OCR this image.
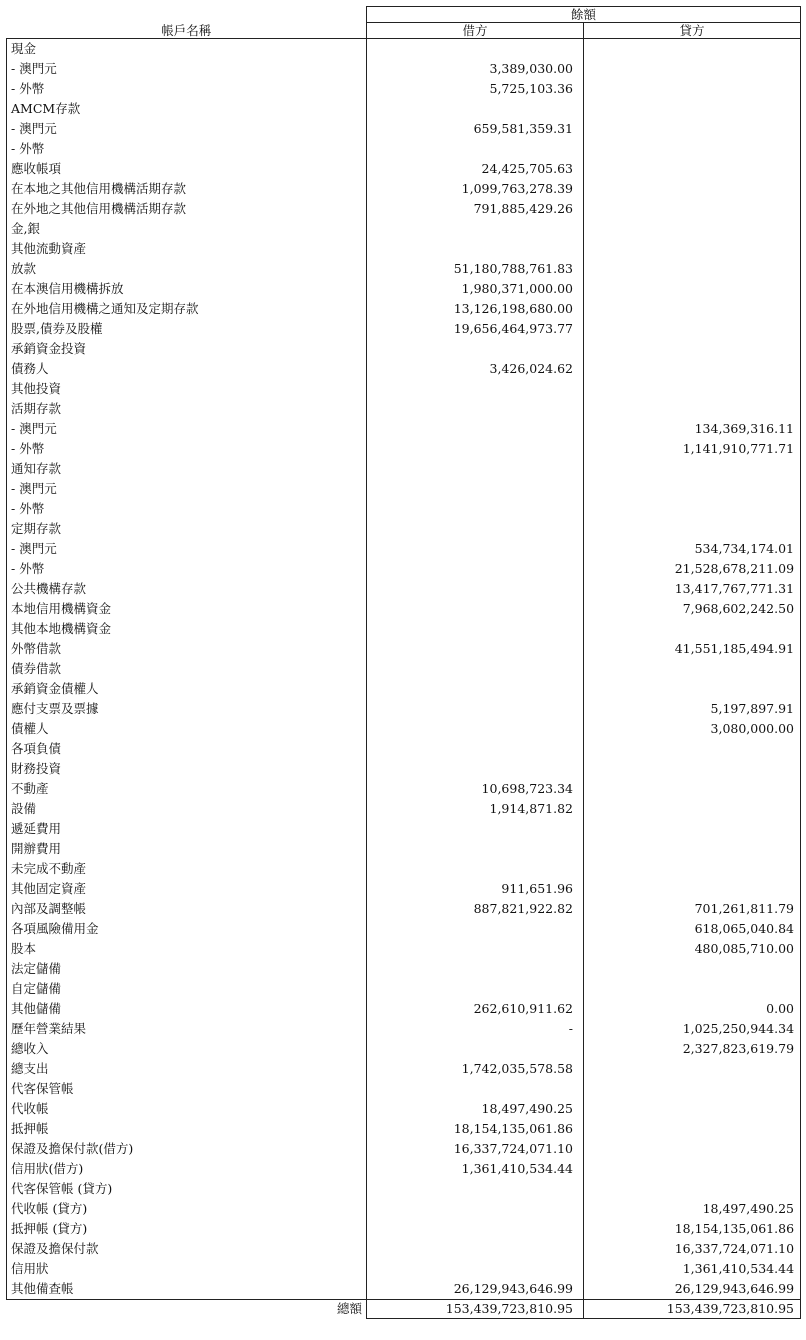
	餘額	
帳戶名稱	借方	貸方
現金		
- 澳門元	3,389,030.00	
- 外幣	5,725,103.36	
AMCM存款		
- 澳門元	659,581,359.31	
- 外幣		
應收帳項	24,425,705.63	
在本地之其他信用機構活期存款	1,099,763,278.39	
在外地之其他信用機構活期存款	791,885,429.26	
金,銀		
其他流動資產		
放款	51,180,788,761.83	
在本澳信用機構拆放	1,980,371,000.00	
在外地信用機構之通知及定期存款	13,126,198,680.00	
股票,債券及股權	19,656,464,973.77	
承銷資金投資		
債務人	3,426,024.62	
其他投資		
活期存款		
- 澳門元		134,369,316.11
- 外幣		1,141,910,771.71
通知存款		
- 澳門元		
- 外幣		
定期存款		
- 澳門元		534,734,174.01
- 外幣		21,528,678,211.09
公共機構存款		13,417,767,771.31
本地信用機構資金		7,968,602,242.50
其他本地機構資金		
外幣借款		41,551,185,494.91
債券借款		
承銷資金債權人		
應付支票及票據		5,197,897.91
債權人		3,080,000.00
各項負債		
財務投資		
不動產	10,698,723.34	
設備	1,914,871.82	
遞延費用		
開辦費用		
未完成不動產		
其他固定資產	911,651.96	
內部及調整帳	887,821,922.82	701,261,811.79
各項風險備用金		618,065,040.84
股本		480,085,710.00
法定儲備		
自定儲備		
其他儲備	262,610,911.62	0.00
歷年營業結果	-	1,025,250,944.34
總收入		2,327,823,619.79
總支出	1,742,035,578.58	
代客保管帳		
代收帳	18,497,490.25	
抵押帳	18,154,135,061.86	
保證及擔保付款(借方)	16,337,724,071.10	
信用狀(借方)	1,361,410,534.44	
代客保管帳 (貸方)		
代收帳 (貸方)		18,497,490.25
抵押帳 (貸方)		18,154,135,061.86
保證及擔保付款		16,337,724,071.10
信用狀		1,361,410,534.44
其他備查帳	26,129,943,646.99	26,129,943,646.99
總額	153,439,723,810.95	153,439,723,810.95
